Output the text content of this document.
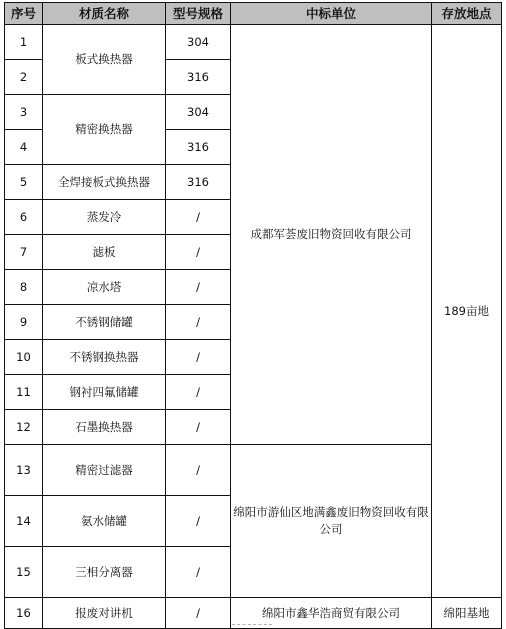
序号	材质名称	型号规格	中标单位	存放地点
1	板式换热器	304	成都军荟废旧物资回收有限公司	189亩地
2		316		
3	精密换热器	304		
4		316		
5	全焊接板式换热器	316		
6	蒸发冷	/		
7	滤板	/		
8	凉水塔	/		
9	不锈钢储罐	/		
10	不锈钢换热器	/		
11	钢衬四氟储罐	/		
12	石墨换热器	/		
13	精密过滤器	/	绵阳市游仙区地满鑫废旧物资回收有限公司	
14	氨水储罐	/		
15	三相分离器	/		
16	报废对讲机	/	绵阳市鑫华浩商贸有限公司	绵阳基地
